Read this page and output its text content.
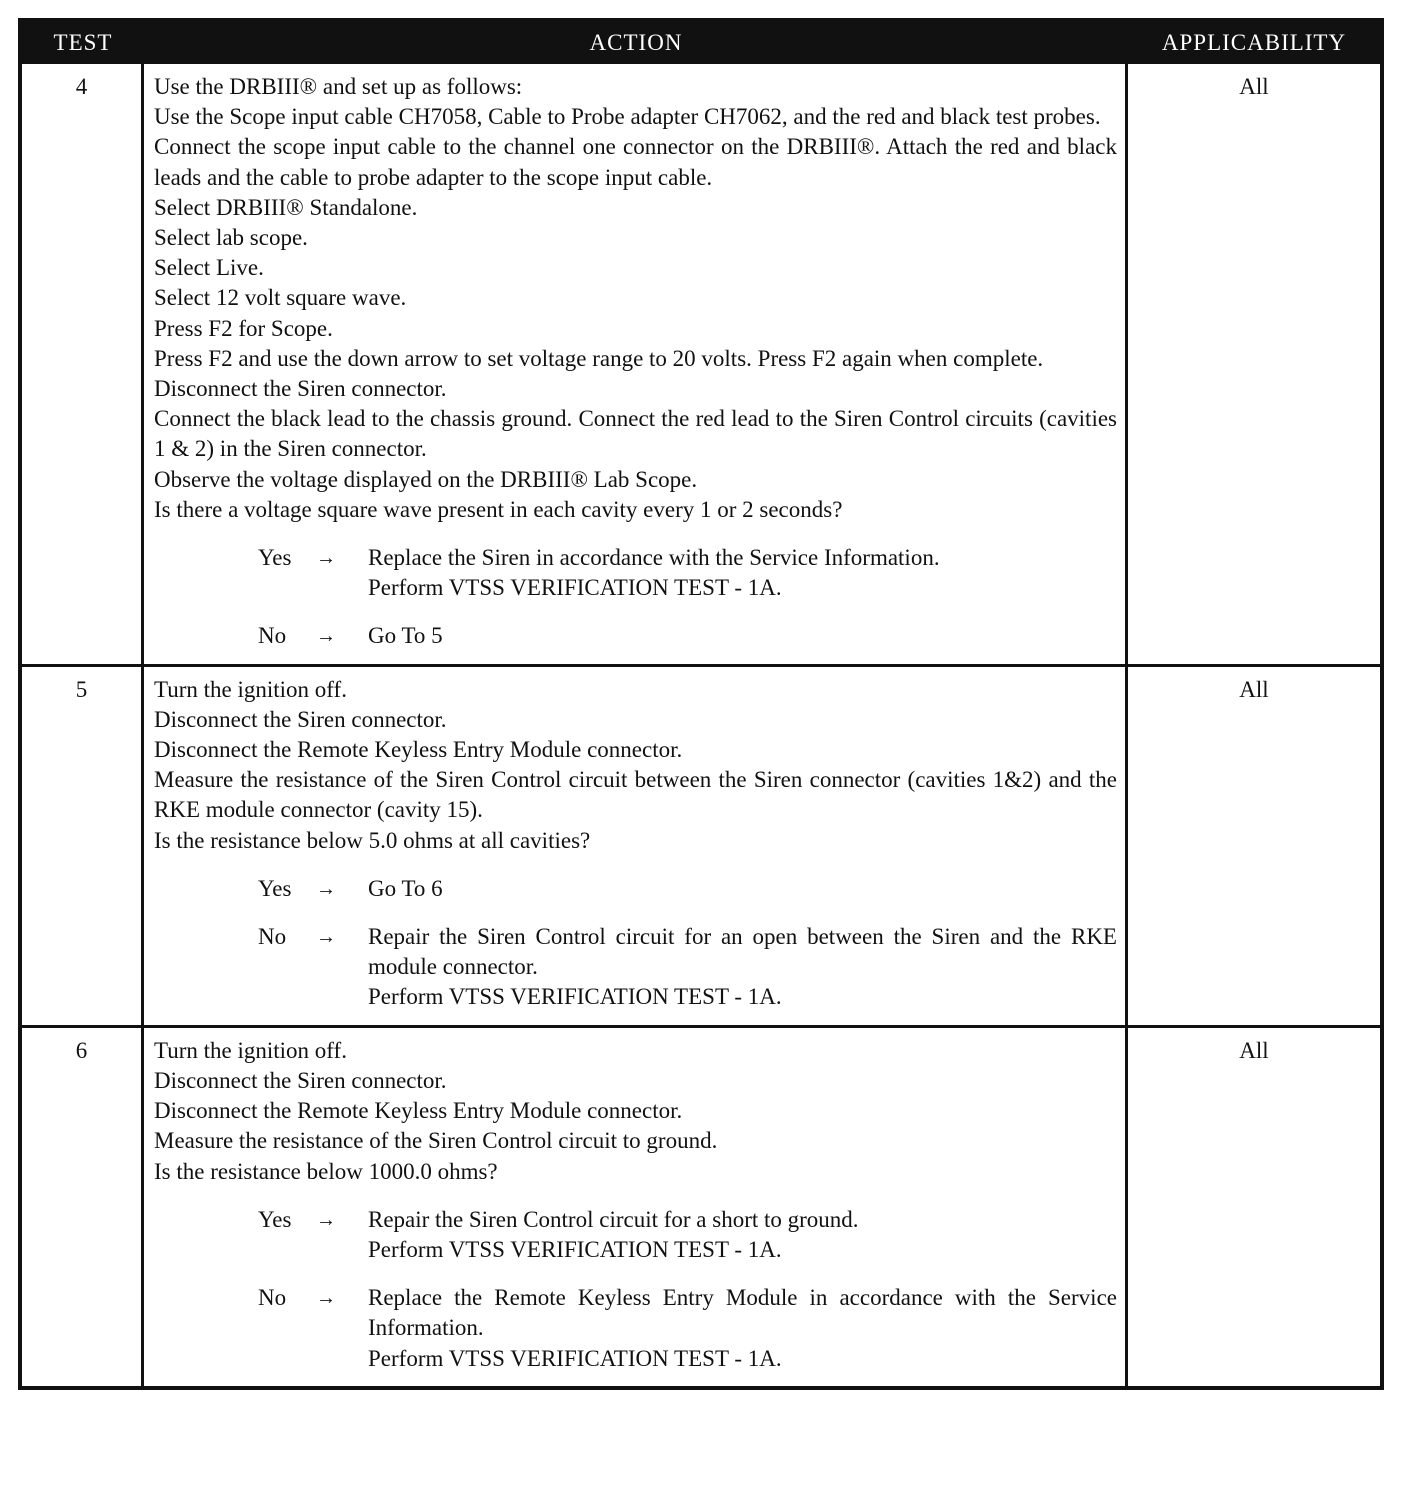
TEST	ACTION	APPLICABILITY
4	Use the DRBIII® and set up as follows:
Use the Scope input cable CH7058, Cable to Probe adapter CH7062, and the red and black test probes.
Connect the scope input cable to the channel one connector on the DRBIII®. Attach the red and black leads and the cable to probe adapter to the scope input cable.
Select DRBIII® Standalone.
Select lab scope.
Select Live.
Select 12 volt square wave.
Press F2 for Scope.
Press F2 and use the down arrow to set voltage range to 20 volts. Press F2 again when complete.
Disconnect the Siren connector.
Connect the black lead to the chassis ground. Connect the red lead to the Siren Control circuits (cavities 1 & 2) in the Siren connector.
Observe the voltage displayed on the DRBIII® Lab Scope.
Is there a voltage square wave present in each cavity every 1 or 2 seconds?
Yes	→	Replace the Siren in accordance with the Service Information.
Perform VTSS VERIFICATION TEST - 1A.
No	→	Go To 5
All
5	Turn the ignition off.
Disconnect the Siren connector.
Disconnect the Remote Keyless Entry Module connector.
Measure the resistance of the Siren Control circuit between the Siren connector (cavities 1&2) and the RKE module connector (cavity 15).
Is the resistance below 5.0 ohms at all cavities?
Yes	→	Go To 6
No	→	Repair the Siren Control circuit for an open between the Siren and the RKE module connector.
Perform VTSS VERIFICATION TEST - 1A.
All
6	Turn the ignition off.
Disconnect the Siren connector.
Disconnect the Remote Keyless Entry Module connector.
Measure the resistance of the Siren Control circuit to ground.
Is the resistance below 1000.0 ohms?
Yes	→	Repair the Siren Control circuit for a short to ground.
Perform VTSS VERIFICATION TEST - 1A.
No	→	Replace the Remote Keyless Entry Module in accordance with the Service Information.
Perform VTSS VERIFICATION TEST - 1A.
All
